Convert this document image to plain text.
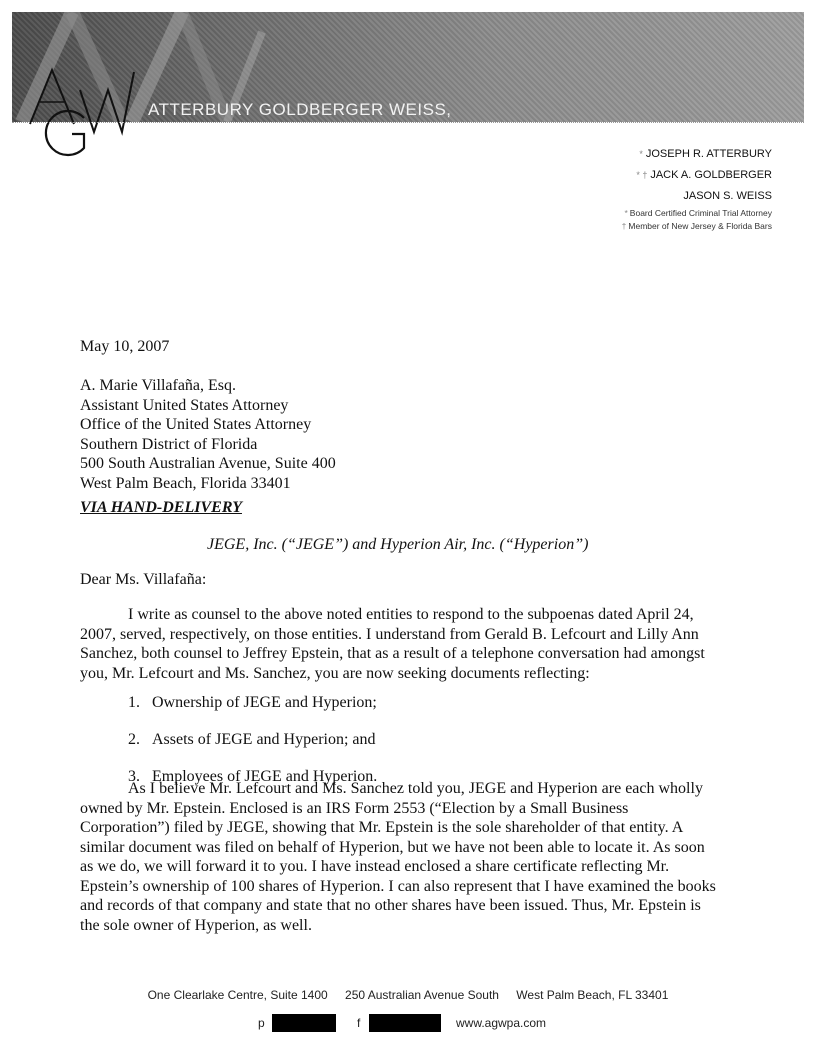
ATTERBURY GOLDBERGER WEISS,
* JOSEPH R. ATTERBURY
* † JACK A. GOLDBERGER
JASON S. WEISS
* Board Certified Criminal Trial Attorney
† Member of New Jersey & Florida Bars
May 10, 2007
A. Marie Villafaña, Esq.
Assistant United States Attorney
Office of the United States Attorney
Southern District of Florida
500 South Australian Avenue, Suite 400
West Palm Beach, Florida 33401
VIA HAND-DELIVERY
JEGE, Inc. (“JEGE”) and Hyperion Air, Inc. (“Hyperion”)
Dear Ms. Villafaña:
I write as counsel to the above noted entities to respond to the subpoenas dated April 24, 2007, served, respectively, on those entities. I understand from Gerald B. Lefcourt and Lilly Ann Sanchez, both counsel to Jeffrey Epstein, that as a result of a telephone conversation had amongst you, Mr. Lefcourt and Ms. Sanchez, you are now seeking documents reflecting:
1. Ownership of JEGE and Hyperion;
2. Assets of JEGE and Hyperion; and
3. Employees of JEGE and Hyperion.
As I believe Mr. Lefcourt and Ms. Sanchez told you, JEGE and Hyperion are each wholly owned by Mr. Epstein. Enclosed is an IRS Form 2553 (“Election by a Small Business Corporation”) filed by JEGE, showing that Mr. Epstein is the sole shareholder of that entity. A similar document was filed on behalf of Hyperion, but we have not been able to locate it. As soon as we do, we will forward it to you. I have instead enclosed a share certificate reflecting Mr. Epstein’s ownership of 100 shares of Hyperion. I can also represent that I have examined the books and records of that company and state that no other shares have been issued. Thus, Mr. Epstein is the sole owner of Hyperion, as well.
One Clearlake Centre, Suite 1400 250 Australian Avenue South West Palm Beach, FL 33401
p	f	www.agwpa.com
